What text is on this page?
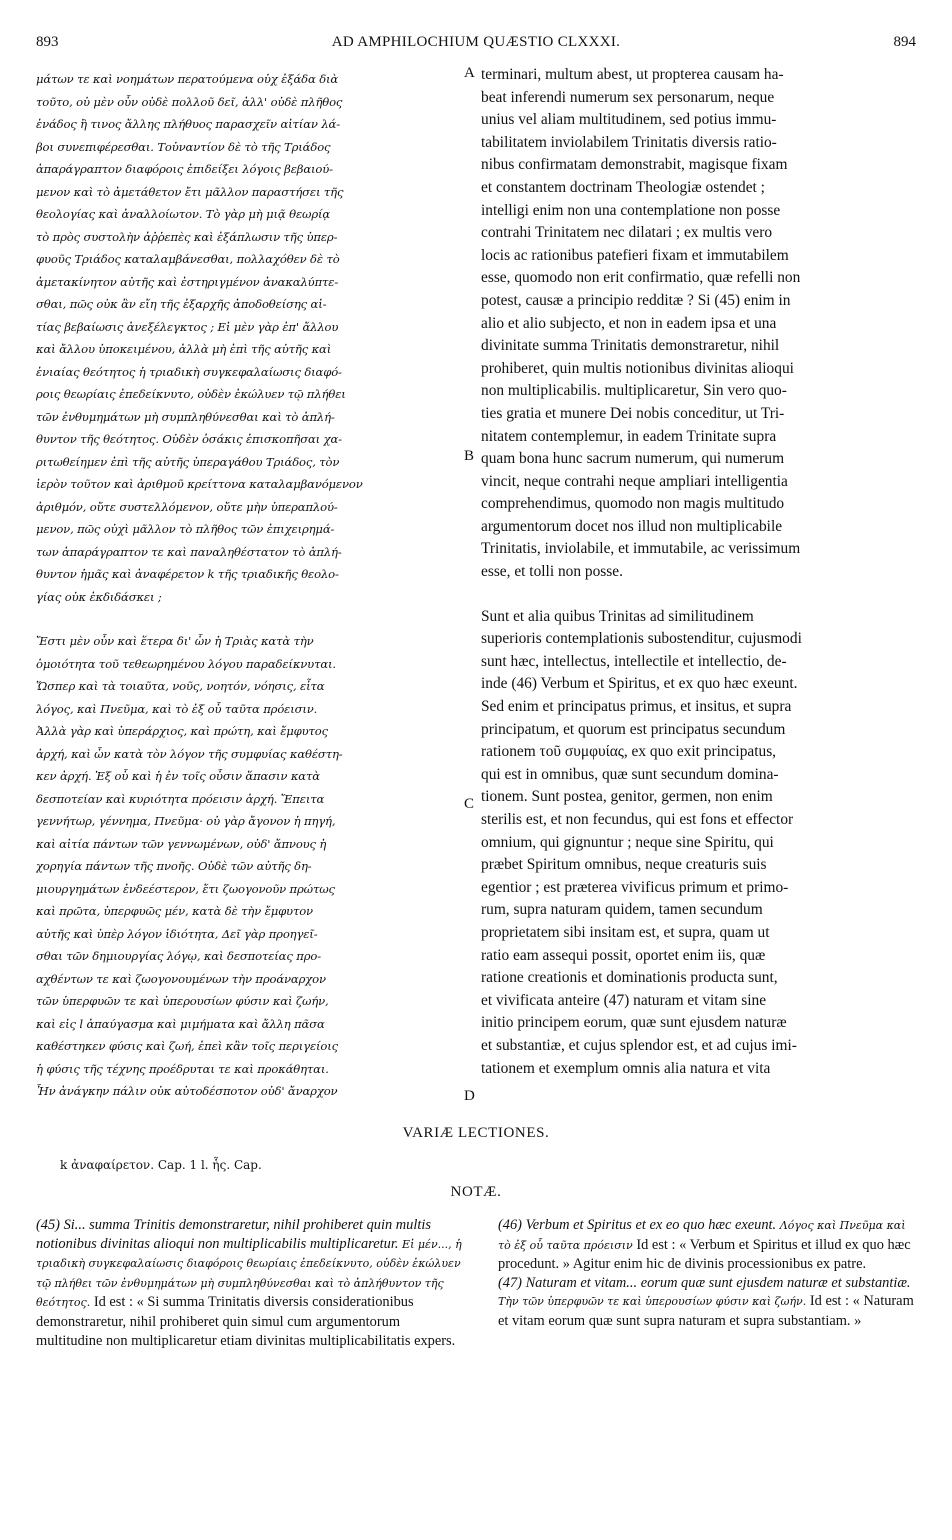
893	AD AMPHILOCHIUM QUÆSTIO CLXXXI.	894
μάτων τε καὶ νοημάτων περατούμενα οὐχ ἐξάδα διὰ
τοῦτο, οὐ μὲν οὖν οὐδὲ πολλοῦ δεῖ, ἀλλ' οὐδὲ πλῆθος
ἑνάδος ἢ τινος ἄλλης πλήθυος παρασχεῖν αἰτίαν λά-
βοι συνεπιφέρεσθαι. Τοὐναντίον δὲ τὸ τῆς Τριάδος
ἀπαράγραπτον διαφόροις ἐπιδείξει λόγοις βεβαιού-
μενον καὶ τὸ ἀμετάθετον ἔτι μᾶλλον παραστήσει τῆς
θεολογίας καὶ ἀναλλοίωτον. Τὸ γὰρ μὴ μιᾷ θεωρίᾳ
τὸ πρὸς συστολὴν ἀῤῥεπὲς καὶ ἐξάπλωσιν τῆς ὑπερ-
φυοῦς Τριάδος καταλαμβάνεσθαι, πολλαχόθεν δὲ τὸ
ἀμετακίνητον αὐτῆς καὶ ἐστηριγμένον ἀνακαλύπτε-
σθαι, πῶς οὐκ ἂν εἴη τῆς ἐξαρχῆς ἀποδοθείσης αἰ-
τίας βεβαίωσις ἀνεξέλεγκτος ; Εἰ μὲν γὰρ ἐπ' ἄλλου
καὶ ἄλλου ὑποκειμένου, ἀλλὰ μὴ ἐπὶ τῆς αὐτῆς καὶ
ἑνιαίας θεότητος ἡ τριαδικὴ συγκεφαλαίωσις διαφό-
ροις θεωρίαις ἐπεδείκνυτο, οὐδὲν ἐκώλυεν τῷ πλήθει
τῶν ἐνθυμημάτων μὴ συμπληθύνεσθαι καὶ τὸ ἀπλή-
θυντον τῆς θεότητος. Οὐδὲν ὁσάκις ἐπισκοπῆσαι χα-
ριτωθείημεν ἐπὶ τῆς αὐτῆς ὑπεραγάθου Τριάδος, τὸν
ἱερὸν τοῦτον καὶ ἀριθμοῦ κρείττονα καταλαμβανόμενον
ἀριθμόν, οὔτε συστελλόμενον, οὔτε μὴν ὑπεραπλού-
μενον, πῶς οὐχὶ μᾶλλον τὸ πλῆθος τῶν ἐπιχειρημά-
των ἀπαράγραπτον τε καὶ παναληθέστατον τὸ ἀπλή-
θυντον ἡμᾶς καὶ ἀναφέρετον k τῆς τριαδικῆς θεολο-
γίας οὐκ ἐκδιδάσκει ;
Ἔστι μὲν οὖν καὶ ἕτερα δι' ὧν ἡ Τριὰς κατὰ τὴν
ὁμοιότητα τοῦ τεθεωρημένου λόγου παραδείκνυται.
Ὥσπερ καὶ τὰ τοιαῦτα, νοῦς, νοητόν, νόησις, εἶτα
λόγος, καὶ Πνεῦμα, καὶ τὸ ἐξ οὗ ταῦτα πρόεισιν.
Ἀλλὰ γὰρ καὶ ὑπεράρχιος, καὶ πρώτη, καὶ ἔμφυτος
ἀρχή, καὶ ὧν κατὰ τὸν λόγον τῆς συμφυίας καθέστη-
κεν ἀρχή. Ἐξ οὗ καὶ ἡ ἐν τοῖς οὖσιν ἅπασιν κατὰ
δεσποτείαν καὶ κυριότητα πρόεισιν ἀρχή. Ἔπειτα
γεννήτωρ, γέννημα, Πνεῦμα· οὐ γὰρ ἄγονον ἡ πηγή,
καὶ αἰτία πάντων τῶν γεννωμένων, οὐδ' ἄπνους ἡ
χορηγία πάντων τῆς πνοῆς. Οὐδὲ τῶν αὐτῆς δη-
μιουργημάτων ἐνδεέστερον, ἔτι ζωογονοῦν πρώτως
καὶ πρῶτα, ὑπερφυῶς μέν, κατὰ δὲ τὴν ἔμφυτον
αὐτῆς καὶ ὑπὲρ λόγον ἰδιότητα, Δεῖ γὰρ προηγεῖ-
σθαι τῶν δημιουργίας λόγῳ, καὶ δεσποτείας προ-
αχθέντων τε καὶ ζωογονουμένων τὴν προάναρχον
τῶν ὑπερφυῶν τε καὶ ὑπερουσίων φύσιν καὶ ζωήν,
καὶ εἰς l ἀπαύγασμα καὶ μιμήματα καὶ ἄλλη πᾶσα
καθέστηκεν φύσις καὶ ζωή, ἐπεὶ κἂν τοῖς περιγείοις
ἡ φύσις τῆς τέχνης προέδρυται τε καὶ προκάθηται.
Ἦν ἀνάγκην πάλιν οὐκ αὐτοδέσποτον οὐδ' ἄναρχον
terminari, multum abest, ut propterea causam ha-
beat inferendi numerum sex personarum, neque
unius vel aliam multitudinem, sed potius immu-
tabilitatem inviolabilem Trinitatis diversis ratio-
nibus confirmatam demonstrabit, magisque fixam
et constantem doctrinam Theologiæ ostendet ;
intelligi enim non una contemplatione non posse
contrahi Trinitatem nec dilatari ; ex multis vero
locis ac rationibus patefieri fixam et immutabilem
esse, quomodo non erit confirmatio, quæ refelli non
potest, causæ a principio redditæ ? Si (45) enim in
alio et alio subjecto, et non in eadem ipsa et una
divinitate summa Trinitatis demonstraretur, nihil
prohiberet, quin multis notionibus divinitas alioqui
non multiplicabilis. multiplicaretur, Sin vero quo-
ties gratia et munere Dei nobis conceditur, ut Tri-
nitatem contemplemur, in eadem Trinitate supra
quam bona hunc sacrum numerum, qui numerum
vincit, neque contrahi neque ampliari intelligentia
comprehendimus, quomodo non magis multitudo
argumentorum docet nos illud non multiplicabile
Trinitatis, inviolabile, et immutabile, ac verissimum
esse, et tolli non posse.
Sunt et alia quibus Trinitas ad similitudinem
superioris contemplationis subostenditur, cujusmodi
sunt hæc, intellectus, intellectile et intellectio, de-
inde (46) Verbum et Spiritus, et ex quo hæc exeunt.
Sed enim et principatus primus, et insitus, et supra
principatum, et quorum est principatus secundum
rationem τοῦ συμφυίας, ex quo exit principatus,
qui est in omnibus, quæ sunt secundum domina-
tionem. Sunt postea, genitor, germen, non enim
sterilis est, et non fecundus, qui est fons et effector
omnium, qui gignuntur ; neque sine Spiritu, qui
præbet Spiritum omnibus, neque creaturis suis
egentior ; est præterea vivificus primum et primo-
rum, supra naturam quidem, tamen secundum
proprietatem sibi insitam est, et supra, quam ut
ratio eam assequi possit, oportet enim iis, quæ
ratione creationis et dominationis producta sunt,
et vivificata anteire (47) naturam et vitam sine
initio principem eorum, quæ sunt ejusdem naturæ
et substantiæ, et cujus splendor est, et ad cujus imi-
tationem et exemplum omnis alia natura et vita
A
B
C
D
VARIÆ LECTIONES.
k ἀναφαίρετον. Cap. 1 l. ἧς. Cap.
NOTÆ.

(45) Si... summa Trinitis demonstraretur, nihil prohiberet quin multis notionibus divinitas alioqui non multiplicabilis multiplicaretur. Εἰ μέν..., ἡ τριαδικὴ συγκεφαλαίωσις διαφόροις θεωρίαις ἐπεδείκνυτο, οὐδὲν ἐκώλυεν τῷ πλήθει τῶν ἐνθυμημάτων μὴ συμπληθύνεσθαι καὶ τὸ ἀπλήθυντον τῆς θεότητος. Id est : « Si summa Trinitatis diversis considerationibus demonstraretur, nihil prohiberet quin simul cum argumentorum multitudine non multiplicaretur etiam divinitas multiplicabilitatis expers.

(46) Verbum et Spiritus et ex eo quo hæc exeunt. Λόγος καὶ Πνεῦμα καὶ τὸ ἐξ οὗ ταῦτα πρόεισιν Id est : « Verbum et Spiritus et illud ex quo hæc procedunt. » Agitur enim hic de divinis processionibus ex patre.

(47) Naturam et vitam... eorum quæ sunt ejusdem naturæ et substantiæ. Τὴν τῶν ὑπερφυῶν τε καὶ ὑπερουσίων φύσιν καὶ ζωήν. Id est : « Naturam et vitam eorum quæ sunt supra naturam et supra substantiam. »
